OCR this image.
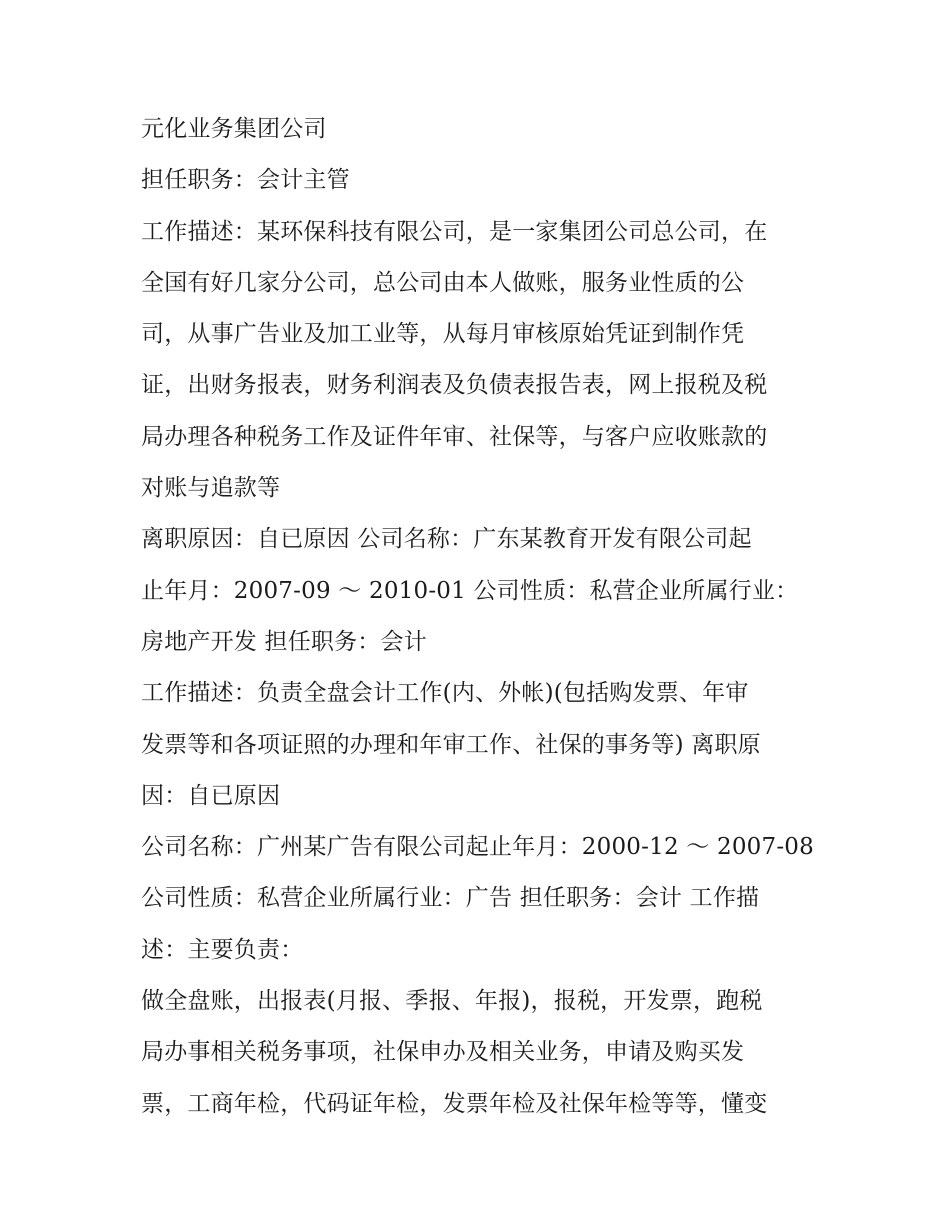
元化业务集团公司
担任职务：会计主管
工作描述：某环保科技有限公司，是一家集团公司总公司，在
全国有好几家分公司，总公司由本人做账，服务业性质的公
司，从事广告业及加工业等，从每月审核原始凭证到制作凭
证，出财务报表，财务利润表及负债表报告表，网上报税及税
局办理各种税务工作及证件年审、社保等，与客户应收账款的
对账与追款等
离职原因：自已原因 公司名称：广东某教育开发有限公司起
止年月：2007-09 ～ 2010-01 公司性质：私营企业所属行业：
房地产开发 担任职务：会计
工作描述：负责全盘会计工作(内、外帐)(包括购发票、年审
发票等和各项证照的办理和年审工作、社保的事务等) 离职原
因：自已原因
公司名称：广州某广告有限公司起止年月：2000-12 ～ 2007-08
公司性质：私营企业所属行业：广告 担任职务：会计 工作描
述：主要负责：
做全盘账，出报表(月报、季报、年报)，报税，开发票，跑税
局办事相关税务事项，社保申办及相关业务，申请及购买发
票，工商年检，代码证年检，发票年检及社保年检等等，懂变
